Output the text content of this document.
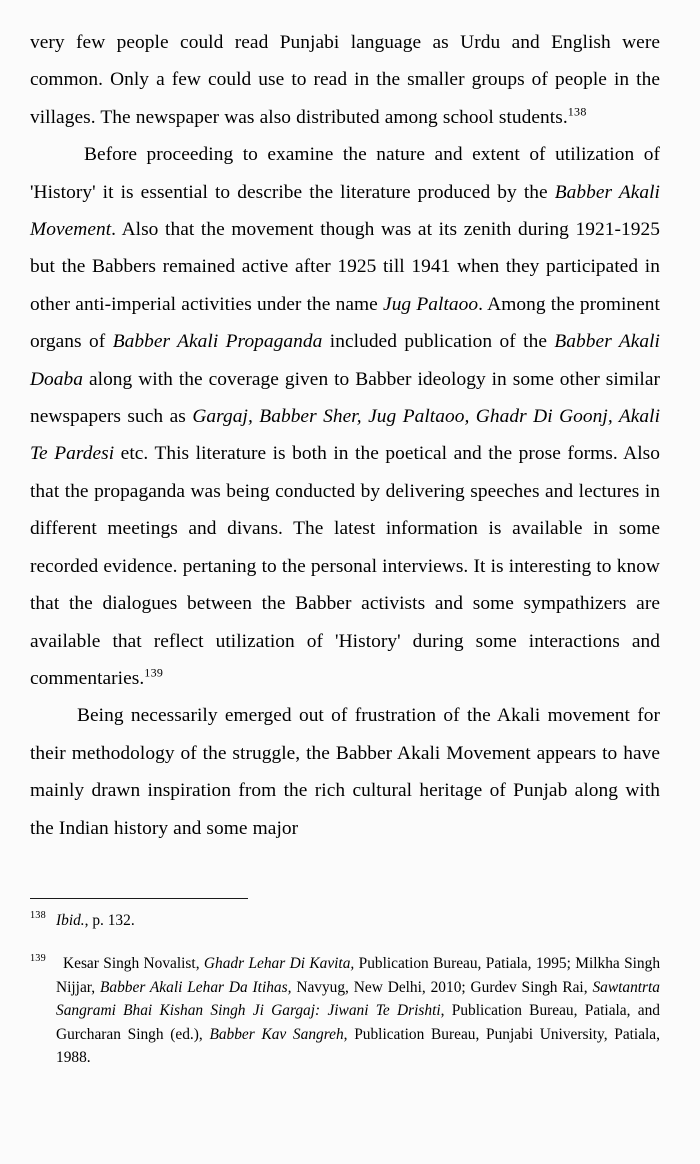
very few people could read Punjabi language as Urdu and English were common. Only a few could use to read in the smaller groups of people in the villages. The newspaper was also distributed among school students.$^{138}$

Before proceeding to examine the nature and extent of utilization of 'History' it is essential to describe the literature produced by the Babber Akali Movement. Also that the movement though was at its zenith during 1921-1925 but the Babbers remained active after 1925 till 1941 when they participated in other anti-imperial activities under the name Jug Paltaoo. Among the prominent organs of Babber Akali Propaganda included publication of the Babber Akali Doaba along with the coverage given to Babber ideology in some other similar newspapers such as Gargaj, Babber Sher, Jug Paltaoo, Ghadr Di Goonj, Akali Te Pardesi etc. This literature is both in the poetical and the prose forms. Also that the propaganda was being conducted by delivering speeches and lectures in different meetings and divans. The latest information is available in some recorded evidence. pertaning to the personal interviews. It is interesting to know that the dialogues between the Babber activists and some sympathizers are available that reflect utilization of 'History' during some interactions and commentaries.$^{139}$

Being necessarily emerged out of frustration of the Akali movement for their methodology of the struggle, the Babber Akali Movement appears to have mainly drawn inspiration from the rich cultural heritage of Punjab along with the Indian history and some major

138 Ibid., p. 132.
139	Kesar Singh Novalist, Ghadr Lehar Di Kavita, Publication Bureau, Patiala, 1995; Milkha Singh Nijjar, Babber Akali Lehar Da Itihas, Navyug, New Delhi, 2010; Gurdev Singh Rai, Sawtantrta Sangrami Bhai Kishan Singh Ji Gargaj: Jiwani Te Drishti, Publication Bureau, Patiala, and Gurcharan Singh (ed.), Babber Kav Sangreh, Publication Bureau, Punjabi University, Patiala, 1988.
